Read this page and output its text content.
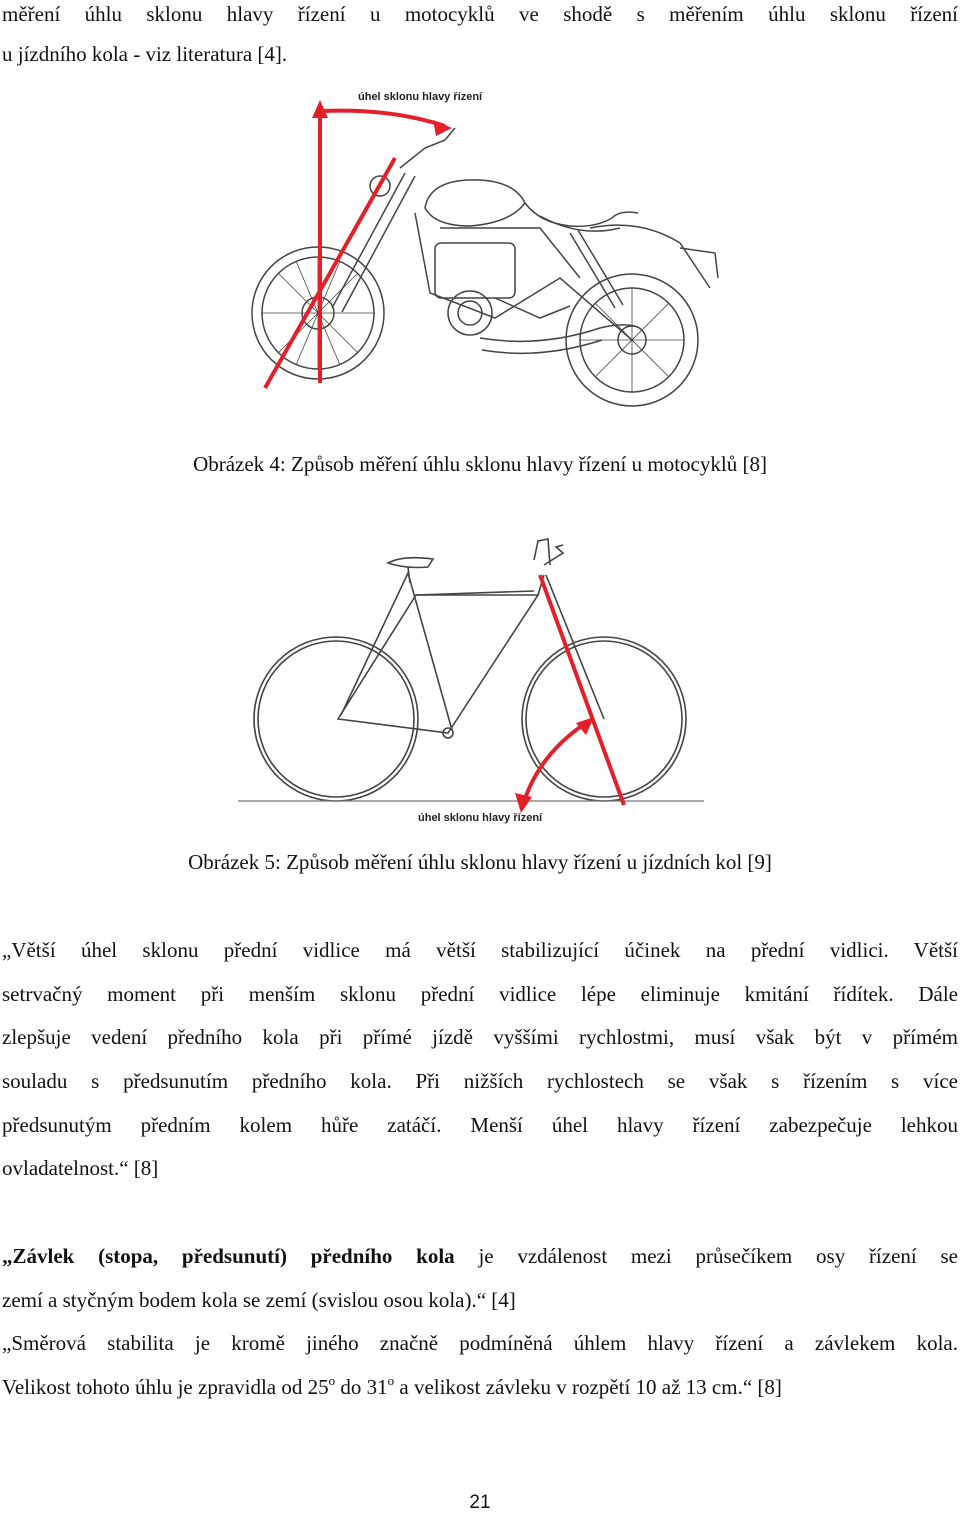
měření úhlu sklonu hlavy řízení u motocyklů ve shodě s měřením úhlu sklonu řízení
u jízdního kola - viz literatura [4].
úhel sklonu hlavy řízení
Obrázek 4: Způsob měření úhlu sklonu hlavy řízení u motocyklů [8]
úhel sklonu hlavy řízení
Obrázek 5: Způsob měření úhlu sklonu hlavy řízení u jízdních kol [9]
„Větší úhel sklonu přední vidlice má větší stabilizující účinek na přední vidlici. Větší
setrvačný moment při menším sklonu přední vidlice lépe eliminuje kmitání řídítek. Dále
zlepšuje vedení předního kola při přímé jízdě vyššími rychlostmi, musí však být v přímém
souladu s předsunutím předního kola. Při nižších rychlostech se však s řízením s více
předsunutým předním kolem hůře zatáčí. Menší úhel hlavy řízení zabezpečuje lehkou
ovladatelnost.“ [8]
„Závlek (stopa, předsunutí) předního kola je vzdálenost mezi průsečíkem osy řízení se
zemí a styčným bodem kola se zemí (svislou osou kola).“ [4]
„Směrová stabilita je kromě jiného značně podmíněná úhlem hlavy řízení a závlekem kola.
Velikost tohoto úhlu je zpravidla od 25$^o$ do 31$^o$ a velikost závleku v rozpětí 10 až 13 cm.“ [8]
21
